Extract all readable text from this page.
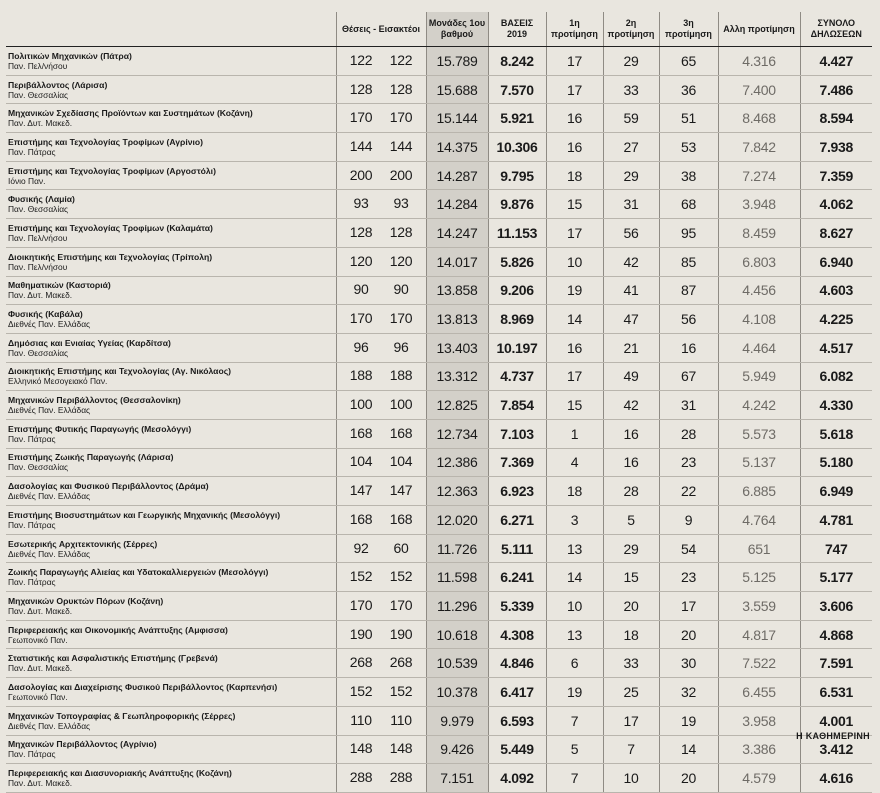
	Θέσεις - Εισακτέοι	Μονάδες 1ου βαθμού	ΒΑΣΕΙΣ 2019	1η προτίμηση	2η προτίμηση	3η προτίμηση	Αλλη προτίμηση	ΣΥΝΟΛΟ ΔΗΛΩΣΕΩΝ

Πολιτικών Μηχανικών (Πάτρα)
Παν. Πελ/νήσου	122 122	15.789	8.242	17	29	65	4.316	4.427

Περιβάλλοντος (Λάρισα)
Παν. Θεσσαλίας	128 128	15.688	7.570	17	33	36	7.400	7.486

Μηχανικών Σχεδίασης Προϊόντων και Συστημάτων (Κοζάνη)
Παν. Δυτ. Μακεδ.	170 170	15.144	5.921	16	59	51	8.468	8.594

Επιστήμης και Τεχνολογίας Τροφίμων (Αγρίνιο)
Παν. Πάτρας	144 144	14.375	10.306	16	27	53	7.842	7.938

Επιστήμης και Τεχνολογίας Τροφίμων (Αργοστόλι)
Ιόνιο Παν.	200 200	14.287	9.795	18	29	38	7.274	7.359

Φυσικής (Λαμία)
Παν. Θεσσαλίας	93 93	14.284	9.876	15	31	68	3.948	4.062

Επιστήμης και Τεχνολογίας Τροφίμων (Καλαμάτα)
Παν. Πελ/νήσου	128 128	14.247	11.153	17	56	95	8.459	8.627

Διοικητικής Επιστήμης και Τεχνολογίας (Τρίπολη)
Παν. Πελ/νήσου	120 120	14.017	5.826	10	42	85	6.803	6.940

Μαθηματικών (Καστοριά)
Παν. Δυτ. Μακεδ.	90 90	13.858	9.206	19	41	87	4.456	4.603

Φυσικής (Καβάλα)
Διεθνές Παν. Ελλάδας	170 170	13.813	8.969	14	47	56	4.108	4.225

Δημόσιας και Ενιαίας Υγείας (Καρδίτσα)
Παν. Θεσσαλίας	96 96	13.403	10.197	16	21	16	4.464	4.517

Διοικητικής Επιστήμης και Τεχνολογίας (Αγ. Νικόλαος)
Ελληνικό Μεσογειακό Παν.	188 188	13.312	4.737	17	49	67	5.949	6.082

Μηχανικών Περιβάλλοντος (Θεσσαλονίκη)
Διεθνές Παν. Ελλάδας	100 100	12.825	7.854	15	42	31	4.242	4.330

Επιστήμης Φυτικής Παραγωγής (Μεσολόγγι)
Παν. Πάτρας	168 168	12.734	7.103	1	16	28	5.573	5.618

Επιστήμης Ζωικής Παραγωγής (Λάρισα)
Παν. Θεσσαλίας	104 104	12.386	7.369	4	16	23	5.137	5.180

Δασολογίας και Φυσικού Περιβάλλοντος (Δράμα)
Διεθνές Παν. Ελλάδας	147 147	12.363	6.923	18	28	22	6.885	6.949

Επιστήμης Βιοσυστημάτων και Γεωργικής Μηχανικής (Μεσολόγγι)
Παν. Πάτρας	168 168	12.020	6.271	3	5	9	4.764	4.781

Εσωτερικής Αρχιτεκτονικής (Σέρρες)
Διεθνές Παν. Ελλάδας	92 60	11.726	5.111	13	29	54	651	747

Ζωικής Παραγωγής Αλιείας και Υδατοκαλλιεργειών (Μεσολόγγι)
Παν. Πάτρας	152 152	11.598	6.241	14	15	23	5.125	5.177

Μηχανικών Ορυκτών Πόρων (Κοζάνη)
Παν. Δυτ. Μακεδ.	170 170	11.296	5.339	10	20	17	3.559	3.606

Περιφερειακής και Οικονομικής Ανάπτυξης (Αμφισσα)
Γεωπονικό Παν.	190 190	10.618	4.308	13	18	20	4.817	4.868

Στατιστικής και Ασφαλιστικής Επιστήμης (Γρεβενά)
Παν. Δυτ. Μακεδ.	268 268	10.539	4.846	6	33	30	7.522	7.591

Δασολογίας και Διαχείρισης Φυσικού Περιβάλλοντος (Καρπενήσι)
Γεωπονικό Παν.	152 152	10.378	6.417	19	25	32	6.455	6.531

Μηχανικών Τοπογραφίας & Γεωπληροφορικής (Σέρρες)
Διεθνές Παν. Ελλάδας	110 110	9.979	6.593	7	17	19	3.958	4.001

Μηχανικών Περιβάλλοντος (Αγρίνιο)
Παν. Πάτρας	148 148	9.426	5.449	5	7	14	3.386	3.412

Περιφερειακής και Διασυνοριακής Ανάπτυξης (Κοζάνη)
Παν. Δυτ. Μακεδ.	288 288	7.151	4.092	7	10	20	4.579	4.616
Η ΚΑΘΗΜΕΡΙΝΗ
